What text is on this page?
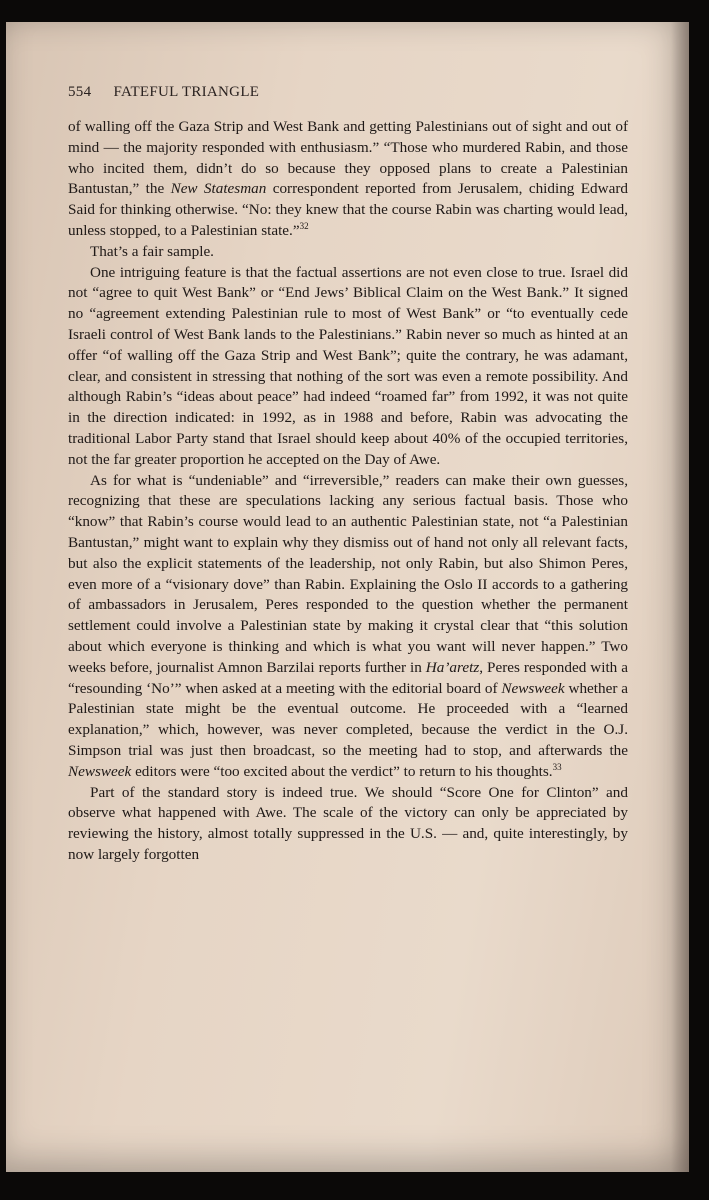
554 FATEFUL TRIANGLE

of walling off the Gaza Strip and West Bank and getting Palestinians out of sight and out of mind — the majority responded with enthusiasm.” “Those who murdered Rabin, and those who incited them, didn’t do so because they opposed plans to create a Palestinian Bantustan,” the New Statesman correspondent reported from Jerusalem, chiding Edward Said for thinking otherwise. “No: they knew that the course Rabin was charting would lead, unless stopped, to a Palestinian state.”$^{32}$

That’s a fair sample.

One intriguing feature is that the factual assertions are not even close to true. Israel did not “agree to quit West Bank” or “End Jews’ Biblical Claim on the West Bank.” It signed no “agreement extending Palestinian rule to most of West Bank” or “to eventually cede Israeli control of West Bank lands to the Palestinians.” Rabin never so much as hinted at an offer “of walling off the Gaza Strip and West Bank”; quite the contrary, he was adamant, clear, and consistent in stressing that nothing of the sort was even a remote possibility. And although Rabin’s “ideas about peace” had indeed “roamed far” from 1992, it was not quite in the direction indicated: in 1992, as in 1988 and before, Rabin was advocating the traditional Labor Party stand that Israel should keep about 40% of the occupied territories, not the far greater proportion he accepted on the Day of Awe.

As for what is “undeniable” and “irreversible,” readers can make their own guesses, recognizing that these are speculations lacking any serious factual basis. Those who “know” that Rabin’s course would lead to an authentic Palestinian state, not “a Palestinian Bantustan,” might want to explain why they dismiss out of hand not only all relevant facts, but also the explicit statements of the leadership, not only Rabin, but also Shimon Peres, even more of a “visionary dove” than Rabin. Explaining the Oslo II accords to a gathering of ambassadors in Jerusalem, Peres responded to the question whether the permanent settlement could involve a Palestinian state by making it crystal clear that “this solution about which everyone is thinking and which is what you want will never happen.” Two weeks before, journalist Amnon Barzilai reports further in Ha’aretz, Peres responded with a “resounding ‘No’” when asked at a meeting with the editorial board of Newsweek whether a Palestinian state might be the eventual outcome. He proceeded with a “learned explanation,” which, however, was never completed, because the verdict in the O.J. Simpson trial was just then broadcast, so the meeting had to stop, and afterwards the Newsweek editors were “too excited about the verdict” to return to his thoughts.$^{33}$

Part of the standard story is indeed true. We should “Score One for Clinton” and observe what happened with Awe. The scale of the victory can only be appreciated by reviewing the history, almost totally suppressed in the U.S. — and, quite interestingly, by now largely forgotten
